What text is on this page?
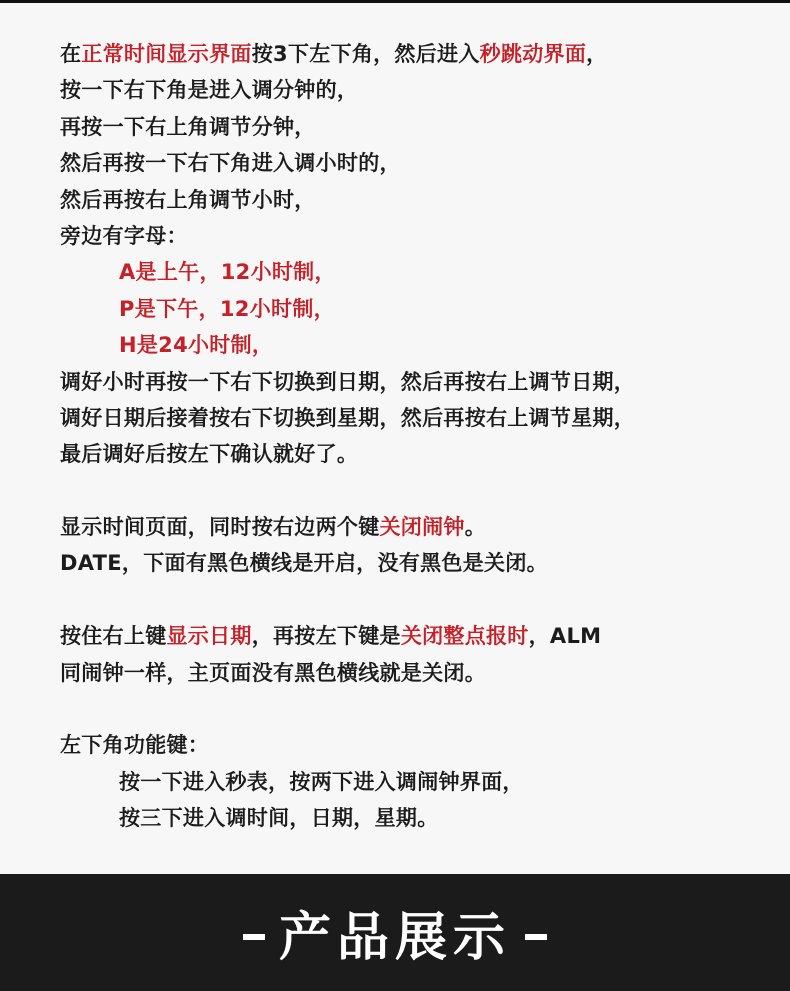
在正常时间显示界面按3下左下角，然后进入秒跳动界面，
按一下右下角是进入调分钟的，
再按一下右上角调节分钟，
然后再按一下右下角进入调小时的，
然后再按右上角调节小时，
旁边有字母：
A是上午，12小时制，
P是下午，12小时制，
H是24小时制，
调好小时再按一下右下切换到日期，然后再按右上调节日期，
调好日期后接着按右下切换到星期，然后再按右上调节星期，
最后调好后按左下确认就好了。
显示时间页面，同时按右边两个键关闭闹钟。
DATE，下面有黑色横线是开启，没有黑色是关闭。
按住右上键显示日期，再按左下键是关闭整点报时，ALM
同闹钟一样，主页面没有黑色横线就是关闭。
左下角功能键：
按一下进入秒表，按两下进入调闹钟界面，
按三下进入调时间，日期，星期。
产品展示
